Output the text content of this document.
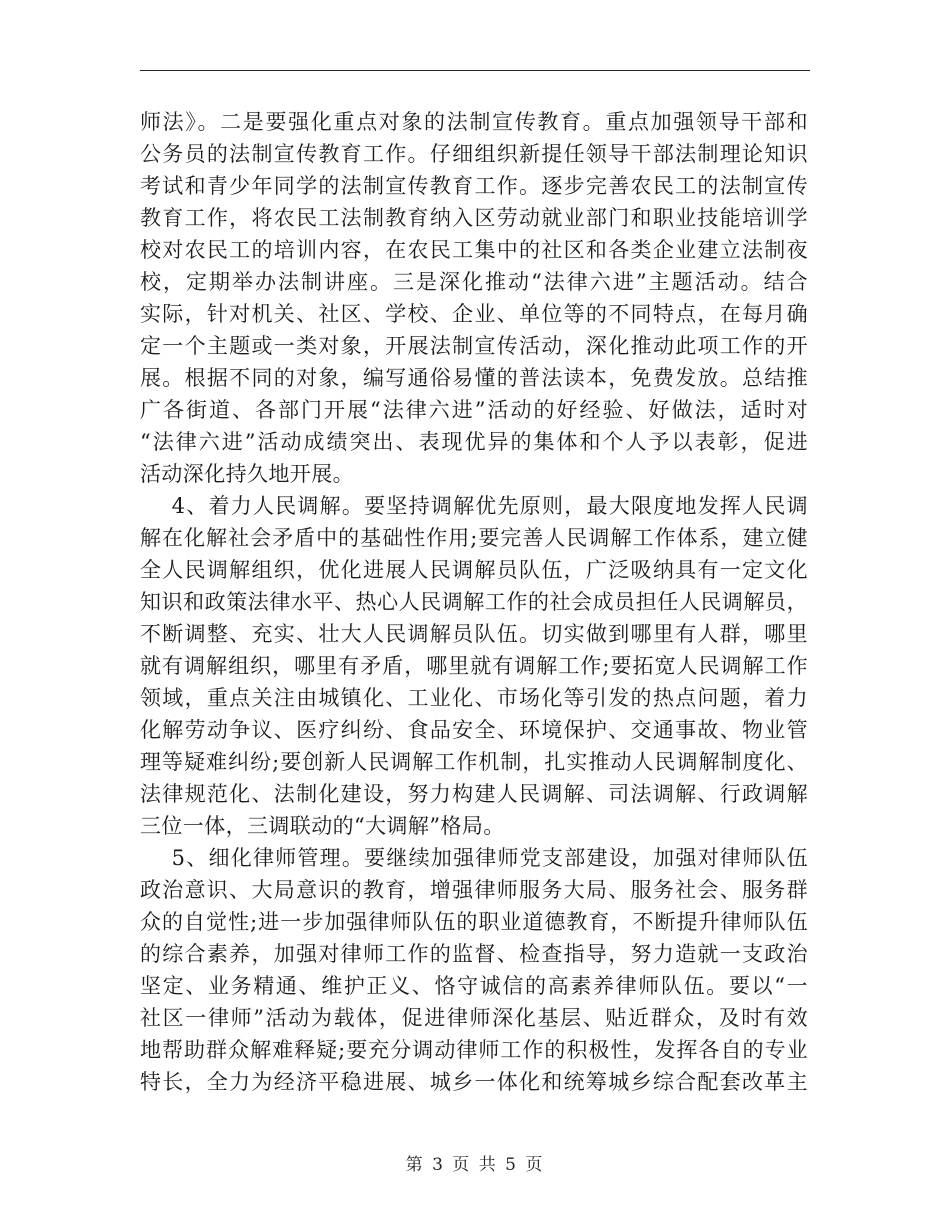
师法》。二是要强化重点对象的法制宣传教育。重点加强领导干部和
公务员的法制宣传教育工作。仔细组织新提任领导干部法制理论知识
考试和青少年同学的法制宣传教育工作。逐步完善农民工的法制宣传
教育工作，将农民工法制教育纳入区劳动就业部门和职业技能培训学
校对农民工的培训内容，在农民工集中的社区和各类企业建立法制夜
校，定期举办法制讲座。三是深化推动“法律六进”主题活动。结合
实际，针对机关、社区、学校、企业、单位等的不同特点，在每月确
定一个主题或一类对象，开展法制宣传活动，深化推动此项工作的开
展。根据不同的对象，编写通俗易懂的普法读本，免费发放。总结推
广各街道、各部门开展“法律六进”活动的好经验、好做法，适时对
“法律六进”活动成绩突出、表现优异的集体和个人予以表彰，促进
活动深化持久地开展。
4、着力人民调解。要坚持调解优先原则，最大限度地发挥人民调
解在化解社会矛盾中的基础性作用;要完善人民调解工作体系，建立健
全人民调解组织，优化进展人民调解员队伍，广泛吸纳具有一定文化
知识和政策法律水平、热心人民调解工作的社会成员担任人民调解员，
不断调整、充实、壮大人民调解员队伍。切实做到哪里有人群，哪里
就有调解组织，哪里有矛盾，哪里就有调解工作;要拓宽人民调解工作
领域，重点关注由城镇化、工业化、市场化等引发的热点问题，着力
化解劳动争议、医疗纠纷、食品安全、环境保护、交通事故、物业管
理等疑难纠纷;要创新人民调解工作机制，扎实推动人民调解制度化、
法律规范化、法制化建设，努力构建人民调解、司法调解、行政调解
三位一体，三调联动的“大调解”格局。
5、细化律师管理。要继续加强律师党支部建设，加强对律师队伍
政治意识、大局意识的教育，增强律师服务大局、服务社会、服务群
众的自觉性;进一步加强律师队伍的职业道德教育，不断提升律师队伍
的综合素养，加强对律师工作的监督、检查指导，努力造就一支政治
坚定、业务精通、维护正义、恪守诚信的高素养律师队伍。要以“一
社区一律师”活动为载体，促进律师深化基层、贴近群众，及时有效
地帮助群众解难释疑;要充分调动律师工作的积极性，发挥各自的专业
特长，全力为经济平稳进展、城乡一体化和统筹城乡综合配套改革主
第 3 页 共 5 页
